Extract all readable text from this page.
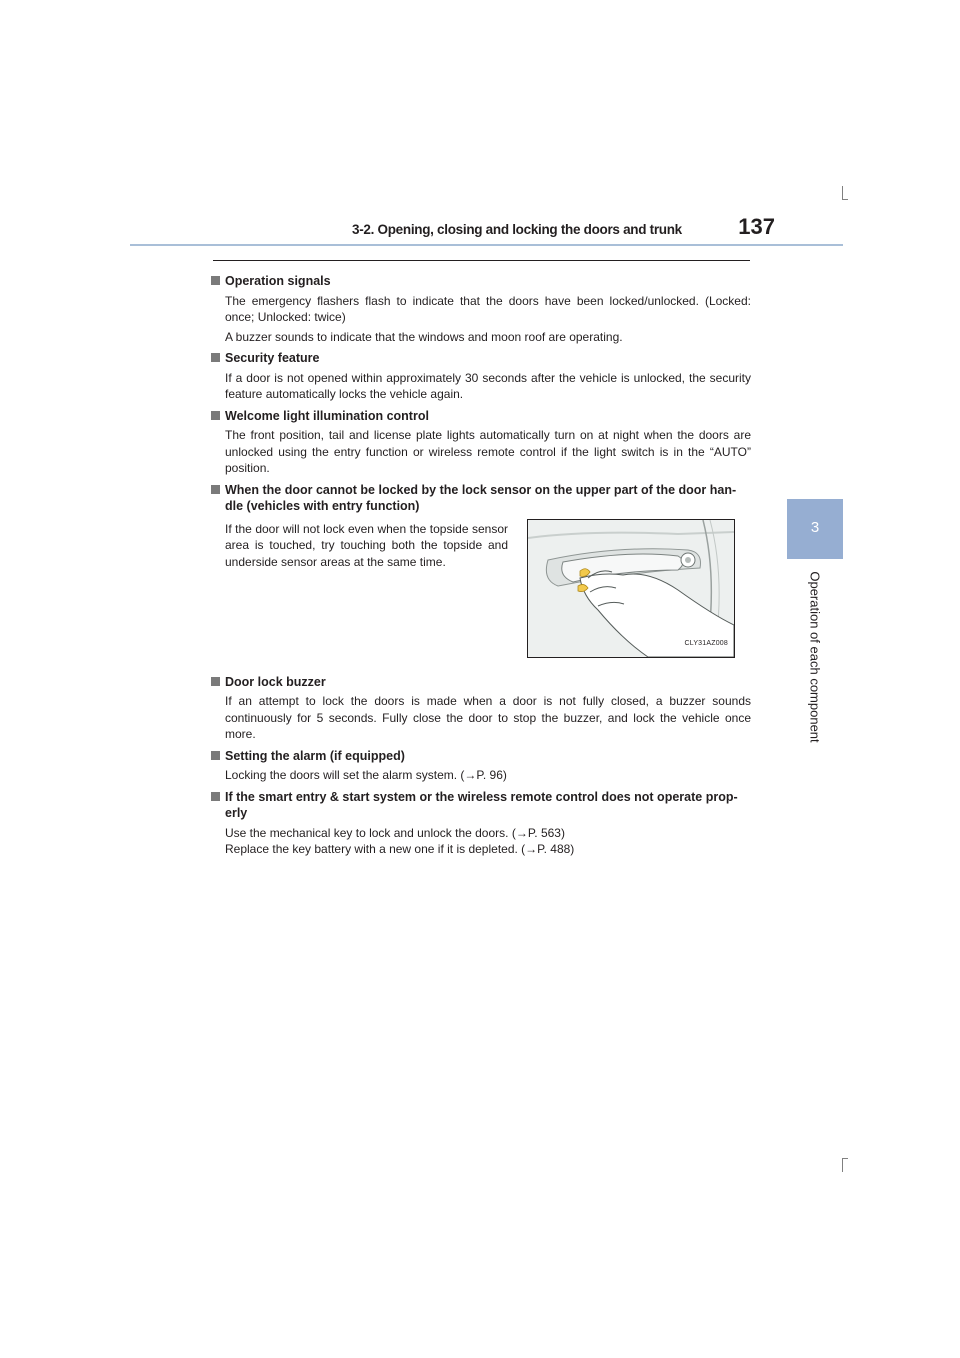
3-2. Opening, closing and locking the doors and trunk	137
3
Operation of each component
Operation signals
The emergency flashers flash to indicate that the doors have been locked/unlocked. (Locked: once; Unlocked: twice)
A buzzer sounds to indicate that the windows and moon roof are operating.
Security feature
If a door is not opened within approximately 30 seconds after the vehicle is unlocked, the security feature automatically locks the vehicle again.
Welcome light illumination control
The front position, tail and license plate lights automatically turn on at night when the doors are unlocked using the entry function or wireless remote control if the light switch is in the “AUTO” position.
When the door cannot be locked by the lock sensor on the upper part of the door han-dle (vehicles with entry function)
If the door will not lock even when the topside sensor area is touched, try touching both the topside and underside sensor areas at the same time.
CLY31AZ008
Door lock buzzer
If an attempt to lock the doors is made when a door is not fully closed, a buzzer sounds continuously for 5 seconds. Fully close the door to stop the buzzer, and lock the vehicle once more.
Setting the alarm (if equipped)
Locking the doors will set the alarm system. (→P. 96)
If the smart entry & start system or the wireless remote control does not operate prop-erly
Use the mechanical key to lock and unlock the doors. (→P. 563)
Replace the key battery with a new one if it is depleted. (→P. 488)
